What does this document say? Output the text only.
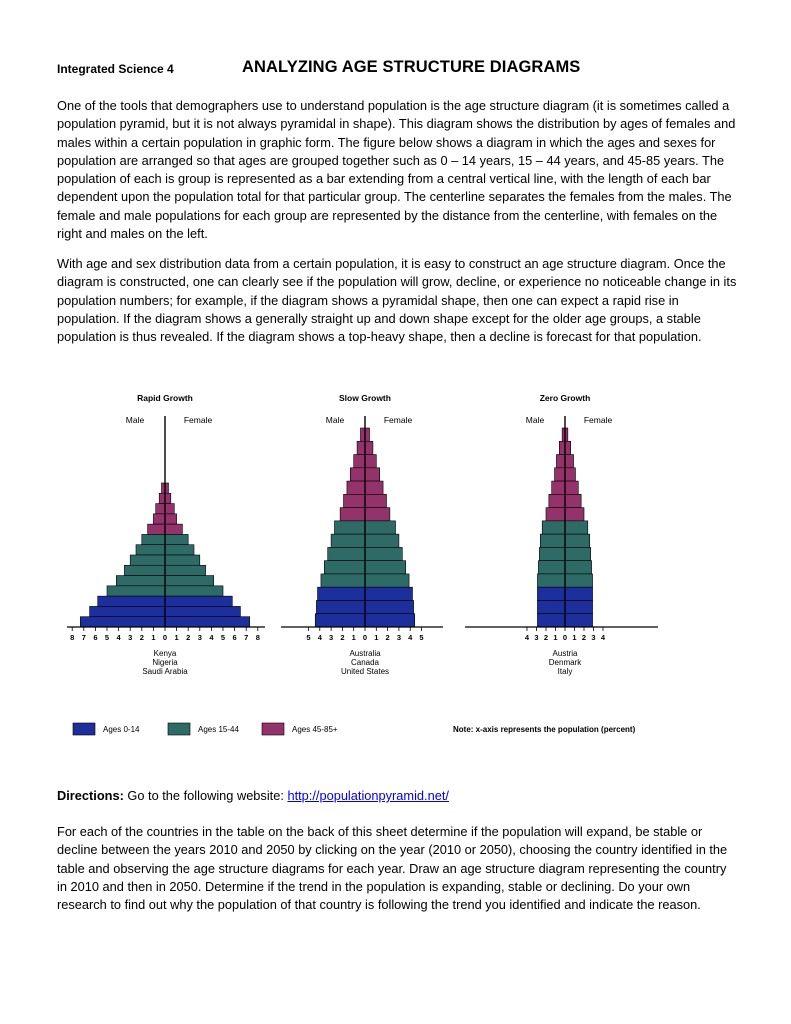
Integrated Science 4	ANALYZING AGE STRUCTURE DIAGRAMS

One of the tools that demographers use to understand population is the age structure diagram (it is sometimes called a population pyramid, but it is not always pyramidal in shape). This diagram shows the distribution by ages of females and males within a certain population in graphic form. The figure below shows a diagram in which the ages and sexes for population are arranged so that ages are grouped together such as 0 – 14 years, 15 – 44 years, and 45-85 years. The population of each is group is represented as a bar extending from a central vertical line, with the length of each bar dependent upon the population total for that particular group. The centerline separates the females from the males. The female and male populations for each group are represented by the distance from the centerline, with females on the right and males on the left.

With age and sex distribution data from a certain population, it is easy to construct an age structure diagram. Once the diagram is constructed, one can clearly see if the population will grow, decline, or experience no noticeable change in its population numbers; for example, if the diagram shows a pyramidal shape, then one can expect a rapid rise in population. If the diagram shows a generally straight up and down shape except for the older age groups, a stable population is thus revealed. If the diagram shows a top-heavy shape, then a decline is forecast for that population.

Rapid Growth
Male	Female
8 7 6 5 4 3 2 1 0 1 2 3 4 5 6 7 8
Kenya
Nigeria
Saudi Arabia
Slow Growth
Male	Female
5 4 3 2 1 0 1 2 3 4 5
Australia
Canada
United States
Zero Growth
Male	Female
4 3 2 1 0 1 2 3 4
Austria
Denmark
Italy
Ages 0-14	Ages 15-44	Ages 45-85+	Note: x-axis represents the population (percent)
Directions: Go to the following website: http://populationpyramid.net/

For each of the countries in the table on the back of this sheet determine if the population will expand, be stable or decline between the years 2010 and 2050 by clicking on the year (2010 or 2050), choosing the country identified in the table and observing the age structure diagrams for each year. Draw an age structure diagram representing the country in 2010 and then in 2050. Determine if the trend in the population is expanding, stable or declining. Do your own research to find out why the population of that country is following the trend you identified and indicate the reason.
